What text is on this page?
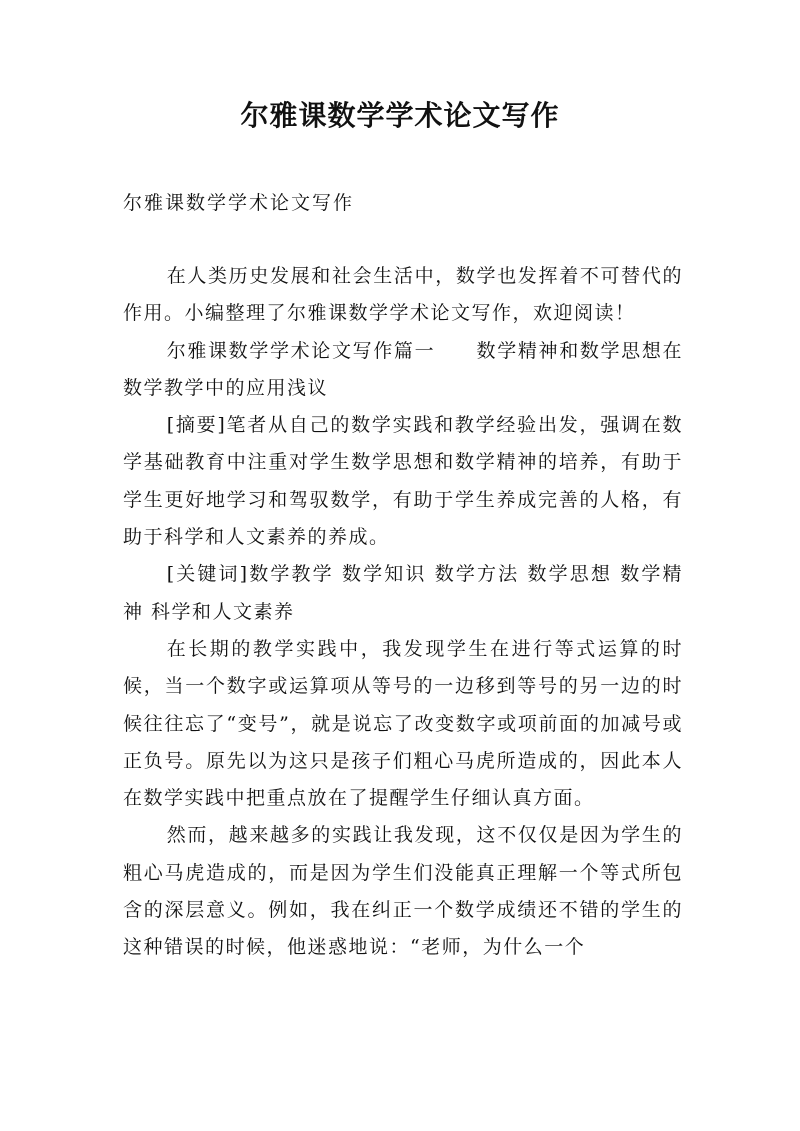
尔雅课数学学术论文写作
尔雅课数学学术论文写作

在人类历史发展和社会生活中，数学也发挥着不可替代的作用。小编整理了尔雅课数学学术论文写作，欢迎阅读！

尔雅课数学学术论文写作篇一　　数学精神和数学思想在数学教学中的应用浅议

[摘要]笔者从自己的数学实践和教学经验出发，强调在数学基础教育中注重对学生数学思想和数学精神的培养，有助于学生更好地学习和驾驭数学，有助于学生养成完善的人格，有助于科学和人文素养的养成。

[关键词]数学教学 数学知识 数学方法 数学思想 数学精神 科学和人文素养

在长期的教学实践中，我发现学生在进行等式运算的时候，当一个数字或运算项从等号的一边移到等号的另一边的时候往往忘了“变号”，就是说忘了改变数字或项前面的加减号或正负号。原先以为这只是孩子们粗心马虎所造成的，因此本人在数学实践中把重点放在了提醒学生仔细认真方面。

然而，越来越多的实践让我发现，这不仅仅是因为学生的粗心马虎造成的，而是因为学生们没能真正理解一个等式所包含的深层意义。例如，我在纠正一个数学成绩还不错的学生的这种错误的时候，他迷惑地说：“老师，为什么一个
